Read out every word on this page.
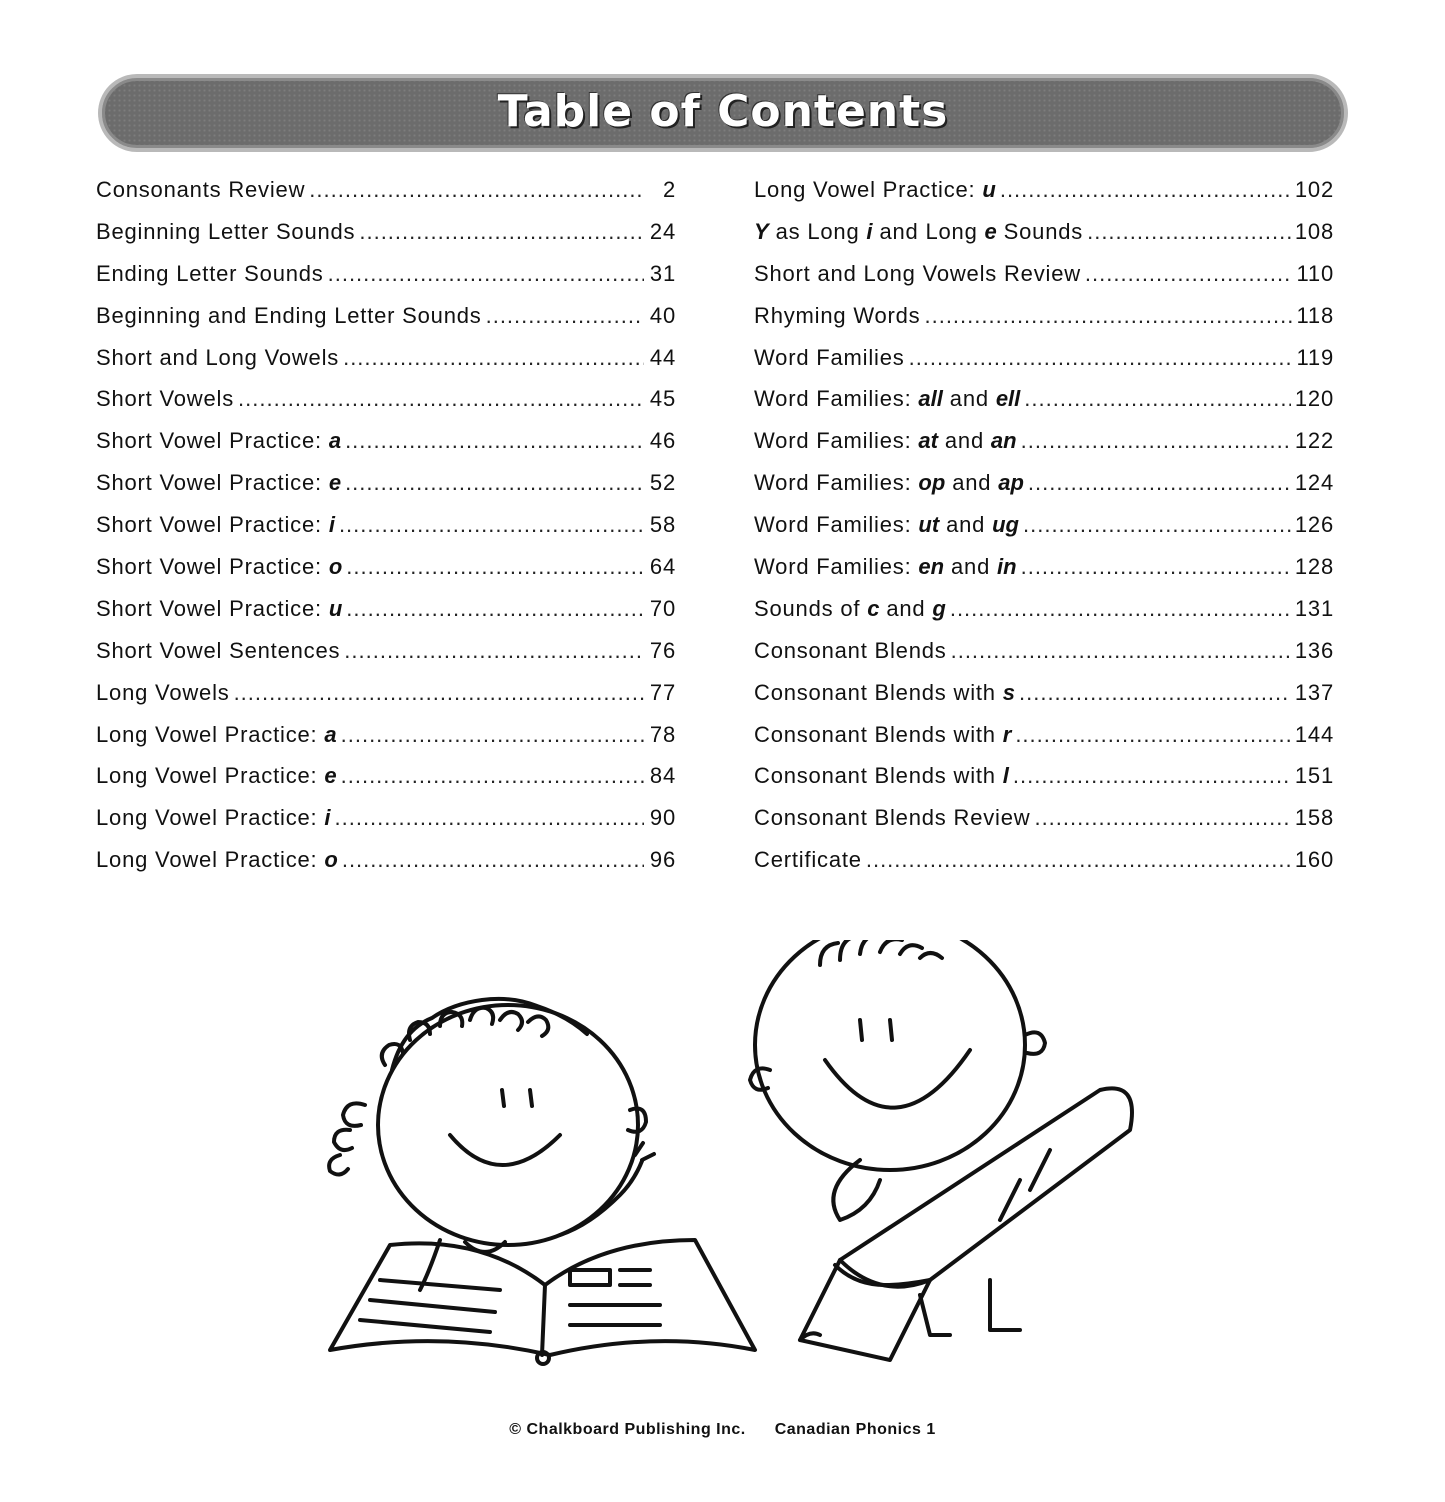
Table of Contents
Consonants Review .....	2
Beginning Letter Sounds .....	24
Ending Letter Sounds .....	31
Beginning and Ending Letter Sounds .....	40
Short and Long Vowels .....	44
Short Vowels .....	45
Short Vowel Practice: a .....	46
Short Vowel Practice: e .....	52
Short Vowel Practice: i .....	58
Short Vowel Practice: o .....	64
Short Vowel Practice: u .....	70
Short Vowel Sentences .....	76
Long Vowels .....	77
Long Vowel Practice: a .....	78
Long Vowel Practice: e .....	84
Long Vowel Practice: i .....	90
Long Vowel Practice: o .....	96
Long Vowel Practice: u .....	102
Y as Long i and Long e Sounds .....	108
Short and Long Vowels Review .....	110
Rhyming Words .....	118
Word Families .....	119
Word Families: all and ell .....	120
Word Families: at and an .....	122
Word Families: op and ap .....	124
Word Families: ut and ug .....	126
Word Families: en and in .....	128
Sounds of c and g .....	131
Consonant Blends .....	136
Consonant Blends with s .....	137
Consonant Blends with r .....	144
Consonant Blends with l .....	151
Consonant Blends Review .....	158
Certificate .....	160
© Chalkboard Publishing Inc. Canadian Phonics 1
